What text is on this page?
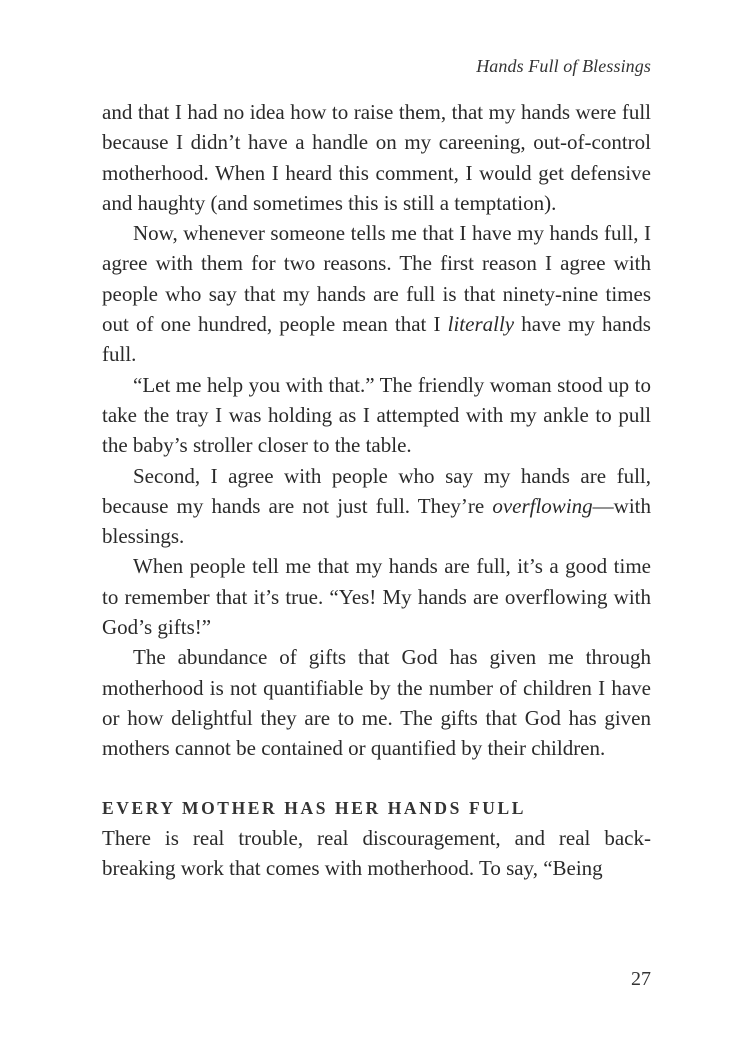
Hands Full of Blessings

and that I had no idea how to raise them, that my hands were full because I didn’t have a handle on my careening, out-of-control motherhood. When I heard this comment, I would get defensive and haughty (and sometimes this is still a temptation).

Now, whenever someone tells me that I have my hands full, I agree with them for two reasons. The first reason I agree with people who say that my hands are full is that ninety-nine times out of one hundred, people mean that I literally have my hands full.

“Let me help you with that.” The friendly woman stood up to take the tray I was holding as I attempted with my ankle to pull the baby’s stroller closer to the table.

Second, I agree with people who say my hands are full, because my hands are not just full. They’re overflowing—with blessings.

When people tell me that my hands are full, it’s a good time to remember that it’s true. “Yes! My hands are overflowing with God’s gifts!”

The abundance of gifts that God has given me through motherhood is not quantifiable by the number of children I have or how delightful they are to me. The gifts that God has given mothers cannot be contained or quantified by their children.

EVERY MOTHER HAS HER HANDS FULL

There is real trouble, real discouragement, and real back-breaking work that comes with motherhood. To say, “Being

27
